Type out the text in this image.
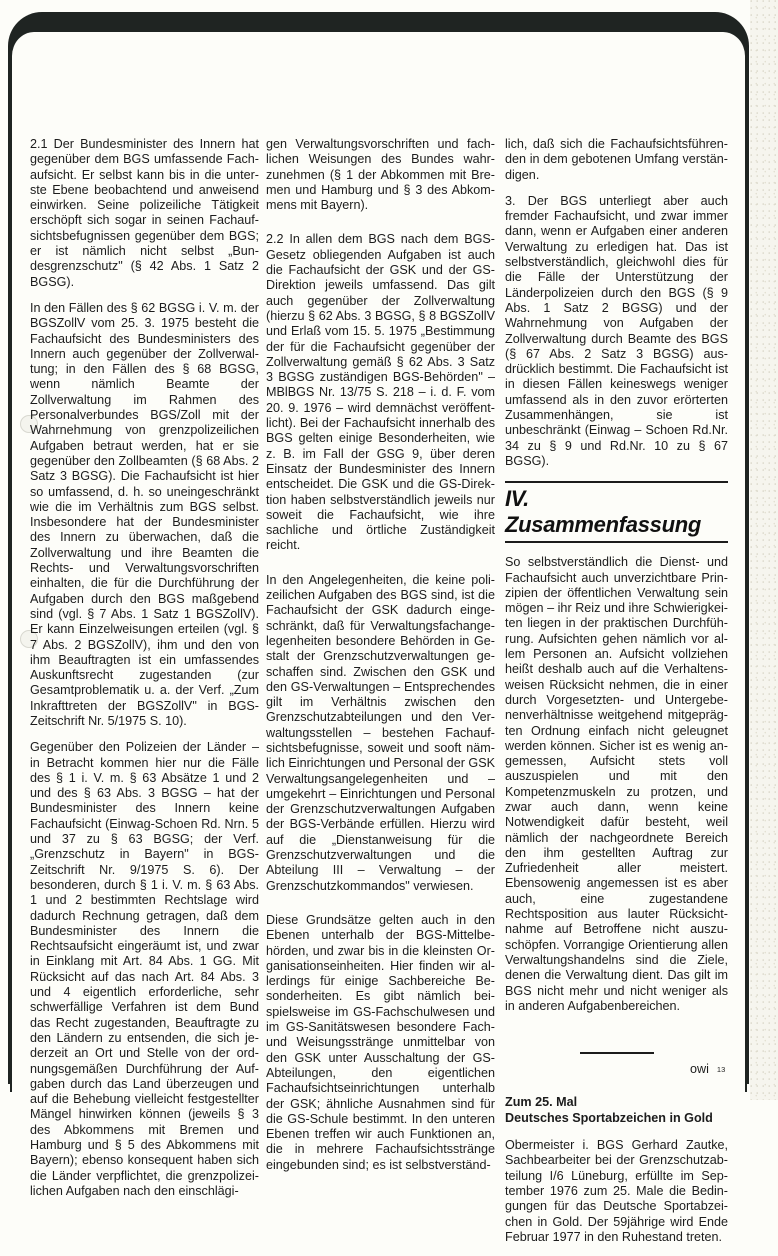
2.1 Der Bundesminister des Innern hat gegenüber dem BGS umfassende Fachaufsicht. Er selbst kann bis in die unterste Ebene beobachtend und anweisend einwirken. Seine polizeiliche Tätigkeit erschöpft sich sogar in seinen Fachaufsichtsbefugnissen gegenüber dem BGS; er ist nämlich nicht selbst „Bundesgrenzschutz" (§ 42 Abs. 1 Satz 2 BGSG).

In den Fällen des § 62 BGSG i. V. m. der BGSZollV vom 25. 3. 1975 besteht die Fachaufsicht des Bundesministers des Innern auch gegenüber der Zollverwaltung; in den Fällen des § 68 BGSG, wenn nämlich Beamte der Zollverwaltung im Rahmen des Personalverbundes BGS/Zoll mit der Wahrnehmung von grenzpolizeilichen Aufgaben betraut werden, hat er sie gegenüber den Zollbeamten (§ 68 Abs. 2 Satz 3 BGSG). Die Fachaufsicht ist hier so umfassend, d. h. so uneingeschränkt wie die im Verhältnis zum BGS selbst. Insbesondere hat der Bundesminister des Innern zu überwachen, daß die Zollverwaltung und ihre Beamten die Rechts- und Verwaltungsvorschriften einhalten, die für die Durchführung der Aufgaben durch den BGS maßgebend sind (vgl. § 7 Abs. 1 Satz 1 BGSZollV). Er kann Einzelweisungen erteilen (vgl. § 7 Abs. 2 BGSZollV), ihm und den von ihm Beauftragten ist ein umfassendes Auskunftsrecht zugestanden (zur Gesamtproblematik u. a. der Verf. „Zum Inkrafttreten der BGSZollV" in BGS-Zeitschrift Nr. 5/1975 S. 10).

Gegenüber den Polizeien der Länder – in Betracht kommen hier nur die Fälle des § 1 i. V. m. § 63 Absätze 1 und 2 und des § 63 Abs. 3 BGSG – hat der Bundesminister des Innern keine Fachaufsicht (Einwag-Schoen Rd. Nrn. 5 und 37 zu § 63 BGSG; der Verf. „Grenzschutz in Bayern" in BGS-Zeitschrift Nr. 9/1975 S. 6). Der besonderen, durch § 1 i. V. m. § 63 Abs. 1 und 2 bestimmten Rechtslage wird dadurch Rechnung getragen, daß dem Bundesminister des Innern die Rechtsaufsicht eingeräumt ist, und zwar in Einklang mit Art. 84 Abs. 1 GG. Mit Rücksicht auf das nach Art. 84 Abs. 3 und 4 eigentlich erforderliche, sehr schwerfällige Verfahren ist dem Bund das Recht zugestanden, Beauftragte zu den Ländern zu entsenden, die sich jederzeit an Ort und Stelle von der ordnungsgemäßen Durchführung der Aufgaben durch das Land überzeugen und auf die Behebung vielleicht festgestellter Mängel hinwirken können (jeweils § 3 des Abkommens mit Bremen und Hamburg und § 5 des Abkommens mit Bayern); ebenso konsequent haben sich die Länder verpflichtet, die grenzpolizeilichen Aufgaben nach den einschlägi-

gen Verwaltungsvorschriften und fachlichen Weisungen des Bundes wahrzunehmen (§ 1 der Abkommen mit Bremen und Hamburg und § 3 des Abkommens mit Bayern).

2.2 In allen dem BGS nach dem BGS-Gesetz obliegenden Aufgaben ist auch die Fachaufsicht der GSK und der GS-Direktion jeweils umfassend. Das gilt auch gegenüber der Zollverwaltung (hierzu § 62 Abs. 3 BGSG, § 8 BGSZollV und Erlaß vom 15. 5. 1975 „Bestimmung der für die Fachaufsicht gegenüber der Zollverwaltung gemäß § 62 Abs. 3 Satz 3 BGSG zuständigen BGS-Behörden" – MBlBGS Nr. 13/75 S. 218 – i. d. F. vom 20. 9. 1976 – wird demnächst veröffentlicht). Bei der Fachaufsicht innerhalb des BGS gelten einige Besonderheiten, wie z. B. im Fall der GSG 9, über deren Einsatz der Bundesminister des Innern entscheidet. Die GSK und die GS-Direktion haben selbstverständlich jeweils nur soweit die Fachaufsicht, wie ihre sachliche und örtliche Zuständigkeit reicht.

In den Angelegenheiten, die keine polizeilichen Aufgaben des BGS sind, ist die Fachaufsicht der GSK dadurch eingeschränkt, daß für Verwaltungsfachangelegenheiten besondere Behörden in Gestalt der Grenzschutzverwaltungen geschaffen sind. Zwischen den GSK und den GS-Verwaltungen – Entsprechendes gilt im Verhältnis zwischen den Grenzschutzabteilungen und den Verwaltungsstellen – bestehen Fachaufsichtsbefugnisse, soweit und sooft nämlich Einrichtungen und Personal der GSK Verwaltungsangelegenheiten und – umgekehrt – Einrichtungen und Personal der Grenzschutzverwaltungen Aufgaben der BGS-Verbände erfüllen. Hierzu wird auf die „Dienstanweisung für die Grenzschutzverwaltungen und die Abteilung III – Verwaltung – der Grenzschutzkommandos" verwiesen.

Diese Grundsätze gelten auch in den Ebenen unterhalb der BGS-Mittelbehörden, und zwar bis in die kleinsten Organisationseinheiten. Hier finden wir allerdings für einige Sachbereiche Besonderheiten. Es gibt nämlich beispielsweise im GS-Fachschulwesen und im GS-Sanitätswesen besondere Fach- und Weisungsstränge unmittelbar von den GSK unter Ausschaltung der GS-Abteilungen, den eigentlichen Fachaufsichtseinrichtungen unterhalb der GSK; ähnliche Ausnahmen sind für die GS-Schule bestimmt. In den unteren Ebenen treffen wir auch Funktionen an, die in mehrere Fachaufsichtsstränge eingebunden sind; es ist selbstverständ-

lich, daß sich die Fachaufsichtsführenden in dem gebotenen Umfang verständigen.

3. Der BGS unterliegt aber auch fremder Fachaufsicht, und zwar immer dann, wenn er Aufgaben einer anderen Verwaltung zu erledigen hat. Das ist selbstverständlich, gleichwohl dies für die Fälle der Unterstützung der Länderpolizeien durch den BGS (§ 9 Abs. 1 Satz 2 BGSG) und der Wahrnehmung von Aufgaben der Zollverwaltung durch Beamte des BGS (§ 67 Abs. 2 Satz 3 BGSG) ausdrücklich bestimmt. Die Fachaufsicht ist in diesen Fällen keineswegs weniger umfassend als in den zuvor erörterten Zusammenhängen, sie ist unbeschränkt (Einwag – Schoen Rd.Nr. 34 zu § 9 und Rd.Nr. 10 zu § 67 BGSG).

IV. Zusammenfassung

So selbstverständlich die Dienst- und Fachaufsicht auch unverzichtbare Prinzipien der öffentlichen Verwaltung sein mögen – ihr Reiz und ihre Schwierigkeiten liegen in der praktischen Durchführung. Aufsichten gehen nämlich vor allem Personen an. Aufsicht vollziehen heißt deshalb auch auf die Verhaltensweisen Rücksicht nehmen, die in einer durch Vorgesetzten- und Untergebenenverhältnisse weitgehend mitgeprägten Ordnung einfach nicht geleugnet werden können. Sicher ist es wenig angemessen, Aufsicht stets voll auszuspielen und mit den Kompetenzmuskeln zu protzen, und zwar auch dann, wenn keine Notwendigkeit dafür besteht, weil nämlich der nachgeordnete Bereich den ihm gestellten Auftrag zur Zufriedenheit aller meistert. Ebensowenig angemessen ist es aber auch, eine zugestandene Rechtsposition aus lauter Rücksichtnahme auf Betroffene nicht auszuschöpfen. Vorrangige Orientierung allen Verwaltungshandelns sind die Ziele, denen die Verwaltung dient. Das gilt im BGS nicht mehr und nicht weniger als in anderen Aufgabenbereichen.

Zum 25. Mal
Deutsches Sportabzeichen in Gold

Obermeister i. BGS Gerhard Zautke, Sachbearbeiter bei der Grenzschutzabteilung I/6 Lüneburg, erfüllte im September 1976 zum 25. Male die Bedingungen für das Deutsche Sportabzeichen in Gold. Der 59jährige wird Ende Februar 1977 in den Ruhestand treten.

owi 13
